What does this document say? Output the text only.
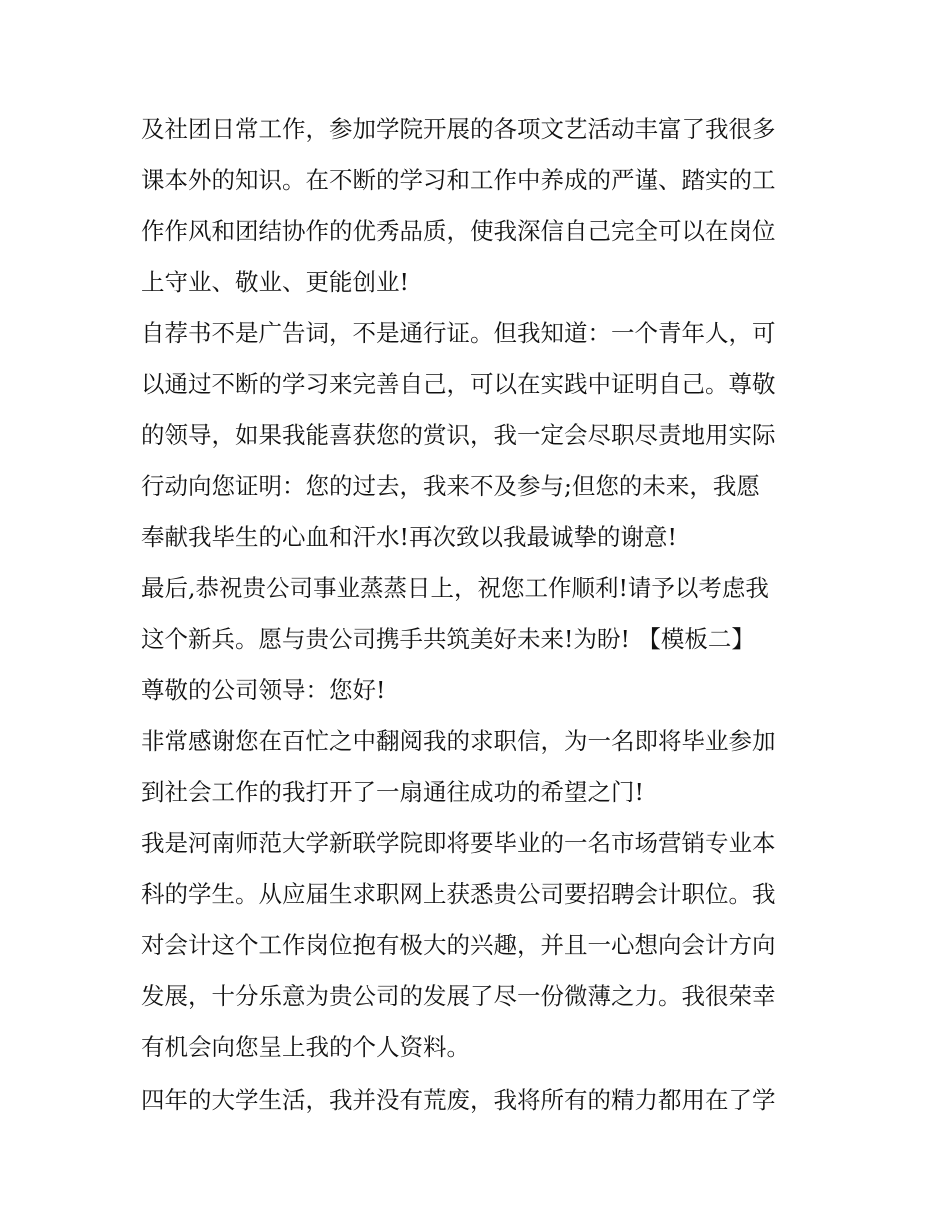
及社团日常工作，参加学院开展的各项文艺活动丰富了我很多
课本外的知识。在不断的学习和工作中养成的严谨、踏实的工
作作风和团结协作的优秀品质，使我深信自己完全可以在岗位
上守业、敬业、更能创业!
自荐书不是广告词，不是通行证。但我知道：一个青年人，可
以通过不断的学习来完善自己，可以在实践中证明自己。尊敬
的领导，如果我能喜获您的赏识，我一定会尽职尽责地用实际
行动向您证明：您的过去，我来不及参与;但您的未来，我愿
奉献我毕生的心血和汗水!再次致以我最诚挚的谢意!
最后,恭祝贵公司事业蒸蒸日上，祝您工作顺利!请予以考虑我
这个新兵。愿与贵公司携手共筑美好未来!为盼! 【模板二】
尊敬的公司领导：您好!
非常感谢您在百忙之中翻阅我的求职信，为一名即将毕业参加
到社会工作的我打开了一扇通往成功的希望之门!
我是河南师范大学新联学院即将要毕业的一名市场营销专业本
科的学生。从应届生求职网上获悉贵公司要招聘会计职位。我
对会计这个工作岗位抱有极大的兴趣，并且一心想向会计方向
发展，十分乐意为贵公司的发展了尽一份微薄之力。我很荣幸
有机会向您呈上我的个人资料。
四年的大学生活，我并没有荒废，我将所有的精力都用在了学
